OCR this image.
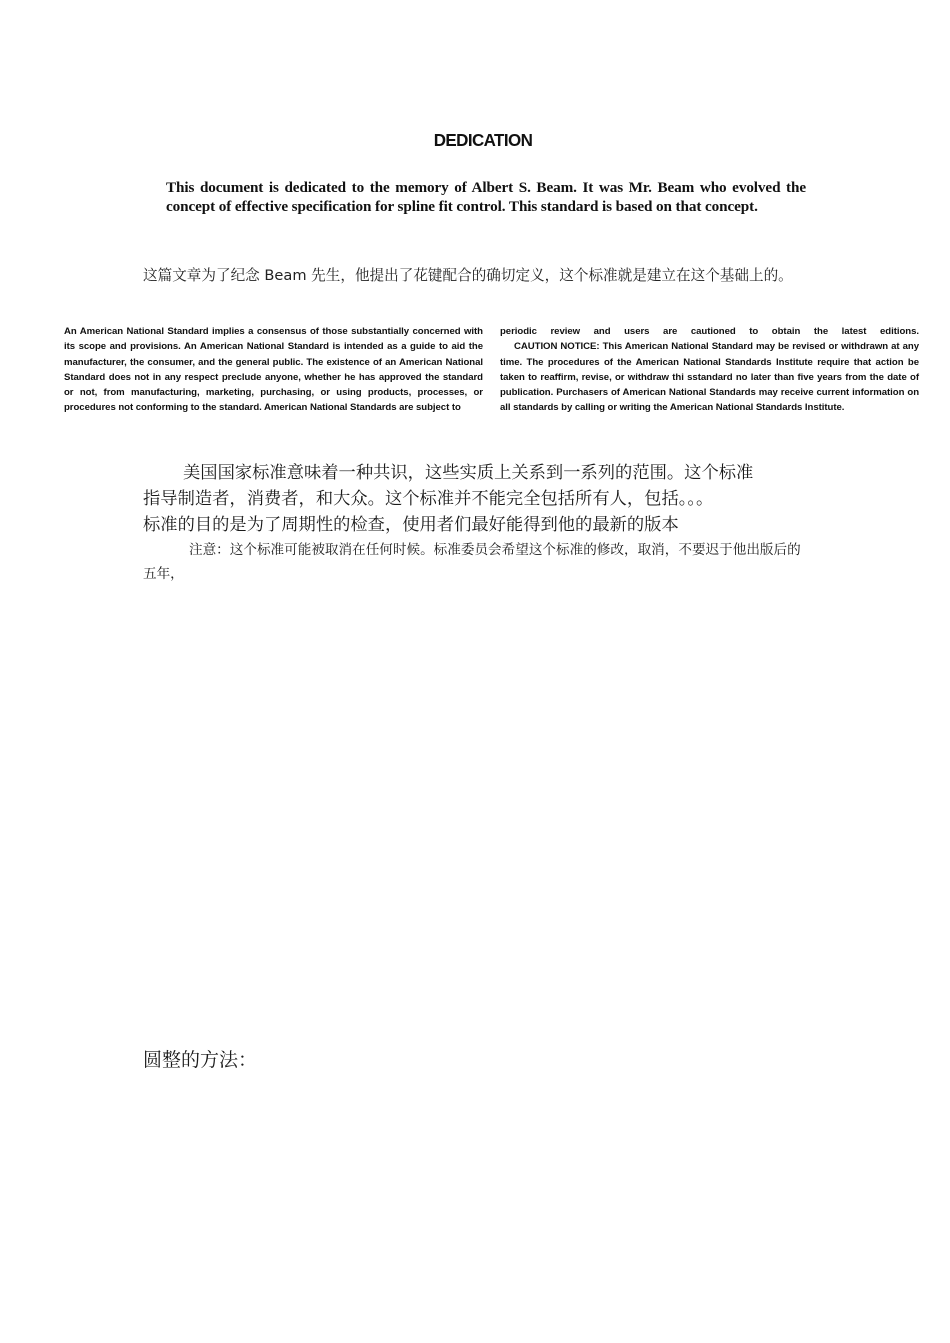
DEDICATION
This document is dedicated to the memory of Albert S. Beam. It was Mr. Beam who evolved the concept of effective specification for spline fit control. This standard is based on that concept.
这篇文章为了纪念 Beam 先生，他提出了花键配合的确切定义，这个标准就是建立在这个基础上的。

An American National Standard implies a consensus of those substantially concerned with its scope and provisions. An American National Standard is intended as a guide to aid the manufacturer, the consumer, and the general public. The existence of an American National Standard does not in any respect preclude anyone, whether he has approved the standard or not, from manufacturing, marketing, purchasing, or using products, processes, or procedures not conforming to the standard. American National Standards are subject to

periodic review and users are cautioned to obtain the latest editions.

CAUTION NOTICE: This American National Standard may be revised or withdrawn at any time. The procedures of the American National Standards Institute require that action be taken to reaffirm, revise, or withdraw thi sstandard no later than five years from the date of publication. Purchasers of American National Standards may receive current information on all standards by calling or writing the American National Standards Institute.

美国国家标准意味着一种共识，这些实质上关系到一系列的范围。这个标准

指导制造者，消费者，和大众。这个标准并不能完全包括所有人，包括。。。

标准的目的是为了周期性的检查，使用者们最好能得到他的最新的版本

注意：这个标准可能被取消在任何时候。标准委员会希望这个标准的修改，取消，不要迟于他出版后的五年，
圆整的方法：
